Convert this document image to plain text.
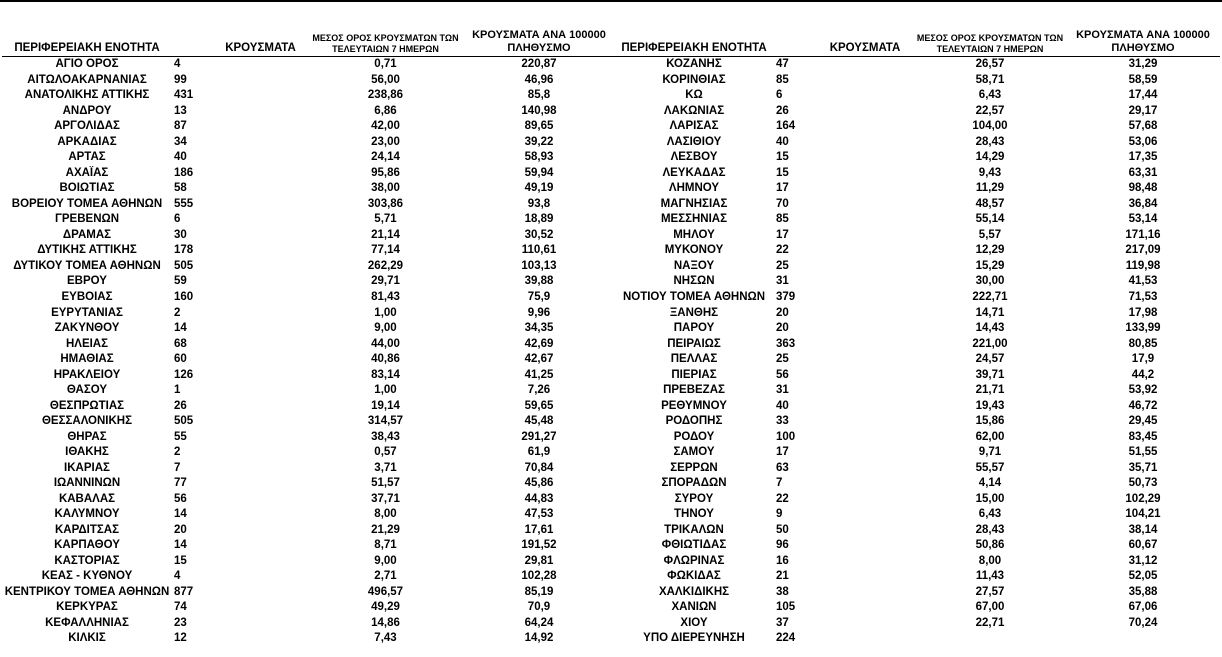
ΠΕΡΙΦΕΡΕΙΑΚΗ ΕΝΟΤΗΤΑ	ΚΡΟΥΣΜΑΤΑ	ΜΕΣΟΣ ΟΡΟΣ ΚΡΟΥΣΜΑΤΩΝ ΤΩΝ ΤΕΛΕΥΤΑΙΩΝ 7 ΗΜΕΡΩΝ	ΚΡΟΥΣΜΑΤΑ ΑΝΑ 100000 ΠΛΗΘΥΣΜΟ
ΑΓΙΟ ΟΡΟΣ	4	0,71	220,87
ΑΙΤΩΛΟΑΚΑΡΝΑΝΙΑΣ	99	56,00	46,96
ΑΝΑΤΟΛΙΚΗΣ ΑΤΤΙΚΗΣ	431	238,86	85,8
ΑΝΔΡΟΥ	13	6,86	140,98
ΑΡΓΟΛΙΔΑΣ	87	42,00	89,65
ΑΡΚΑΔΙΑΣ	34	23,00	39,22
ΑΡΤΑΣ	40	24,14	58,93
ΑΧΑΪΑΣ	186	95,86	59,94
ΒΟΙΩΤΙΑΣ	58	38,00	49,19
ΒΟΡΕΙΟΥ ΤΟΜΕΑ ΑΘΗΝΩΝ	555	303,86	93,8
ΓΡΕΒΕΝΩΝ	6	5,71	18,89
ΔΡΑΜΑΣ	30	21,14	30,52
ΔΥΤΙΚΗΣ ΑΤΤΙΚΗΣ	178	77,14	110,61
ΔΥΤΙΚΟΥ ΤΟΜΕΑ ΑΘΗΝΩΝ	505	262,29	103,13
ΕΒΡΟΥ	59	29,71	39,88
ΕΥΒΟΙΑΣ	160	81,43	75,9
ΕΥΡΥΤΑΝΙΑΣ	2	1,00	9,96
ΖΑΚΥΝΘΟΥ	14	9,00	34,35
ΗΛΕΙΑΣ	68	44,00	42,69
ΗΜΑΘΙΑΣ	60	40,86	42,67
ΗΡΑΚΛΕΙΟΥ	126	83,14	41,25
ΘΑΣΟΥ	1	1,00	7,26
ΘΕΣΠΡΩΤΙΑΣ	26	19,14	59,65
ΘΕΣΣΑΛΟΝΙΚΗΣ	505	314,57	45,48
ΘΗΡΑΣ	55	38,43	291,27
ΙΘΑΚΗΣ	2	0,57	61,9
ΙΚΑΡΙΑΣ	7	3,71	70,84
ΙΩΑΝΝΙΝΩΝ	77	51,57	45,86
ΚΑΒΑΛΑΣ	56	37,71	44,83
ΚΑΛΥΜΝΟΥ	14	8,00	47,53
ΚΑΡΔΙΤΣΑΣ	20	21,29	17,61
ΚΑΡΠΑΘΟΥ	14	8,71	191,52
ΚΑΣΤΟΡΙΑΣ	15	9,00	29,81
ΚΕΑΣ - ΚΥΘΝΟΥ	4	2,71	102,28
ΚΕΝΤΡΙΚΟΥ ΤΟΜΕΑ ΑΘΗΝΩΝ	877	496,57	85,19
ΚΕΡΚΥΡΑΣ	74	49,29	70,9
ΚΕΦΑΛΛΗΝΙΑΣ	23	14,86	64,24
ΚΙΛΚΙΣ	12	7,43	14,92
ΠΕΡΙΦΕΡΕΙΑΚΗ ΕΝΟΤΗΤΑ	ΚΡΟΥΣΜΑΤΑ	ΜΕΣΟΣ ΟΡΟΣ ΚΡΟΥΣΜΑΤΩΝ ΤΩΝ ΤΕΛΕΥΤΑΙΩΝ 7 ΗΜΕΡΩΝ	ΚΡΟΥΣΜΑΤΑ ΑΝΑ 100000 ΠΛΗΘΥΣΜΟ
ΚΟΖΑΝΗΣ	47	26,57	31,29
ΚΟΡΙΝΘΙΑΣ	85	58,71	58,59
ΚΩ	6	6,43	17,44
ΛΑΚΩΝΙΑΣ	26	22,57	29,17
ΛΑΡΙΣΑΣ	164	104,00	57,68
ΛΑΣΙΘΙΟΥ	40	28,43	53,06
ΛΕΣΒΟΥ	15	14,29	17,35
ΛΕΥΚΑΔΑΣ	15	9,43	63,31
ΛΗΜΝΟΥ	17	11,29	98,48
ΜΑΓΝΗΣΙΑΣ	70	48,57	36,84
ΜΕΣΣΗΝΙΑΣ	85	55,14	53,14
ΜΗΛΟΥ	17	5,57	171,16
ΜΥΚΟΝΟΥ	22	12,29	217,09
ΝΑΞΟΥ	25	15,29	119,98
ΝΗΣΩΝ	31	30,00	41,53
ΝΟΤΙΟΥ ΤΟΜΕΑ ΑΘΗΝΩΝ	379	222,71	71,53
ΞΑΝΘΗΣ	20	14,71	17,98
ΠΑΡΟΥ	20	14,43	133,99
ΠΕΙΡΑΙΩΣ	363	221,00	80,85
ΠΕΛΛΑΣ	25	24,57	17,9
ΠΙΕΡΙΑΣ	56	39,71	44,2
ΠΡΕΒΕΖΑΣ	31	21,71	53,92
ΡΕΘΥΜΝΟΥ	40	19,43	46,72
ΡΟΔΟΠΗΣ	33	15,86	29,45
ΡΟΔΟΥ	100	62,00	83,45
ΣΑΜΟΥ	17	9,71	51,55
ΣΕΡΡΩΝ	63	55,57	35,71
ΣΠΟΡΑΔΩΝ	7	4,14	50,73
ΣΥΡΟΥ	22	15,00	102,29
ΤΗΝΟΥ	9	6,43	104,21
ΤΡΙΚΑΛΩΝ	50	28,43	38,14
ΦΘΙΩΤΙΔΑΣ	96	50,86	60,67
ΦΛΩΡΙΝΑΣ	16	8,00	31,12
ΦΩΚΙΔΑΣ	21	11,43	52,05
ΧΑΛΚΙΔΙΚΗΣ	38	27,57	35,88
ΧΑΝΙΩΝ	105	67,00	67,06
ΧΙΟΥ	37	22,71	70,24
ΥΠΟ ΔΙΕΡΕΥΝΗΣΗ	224		
